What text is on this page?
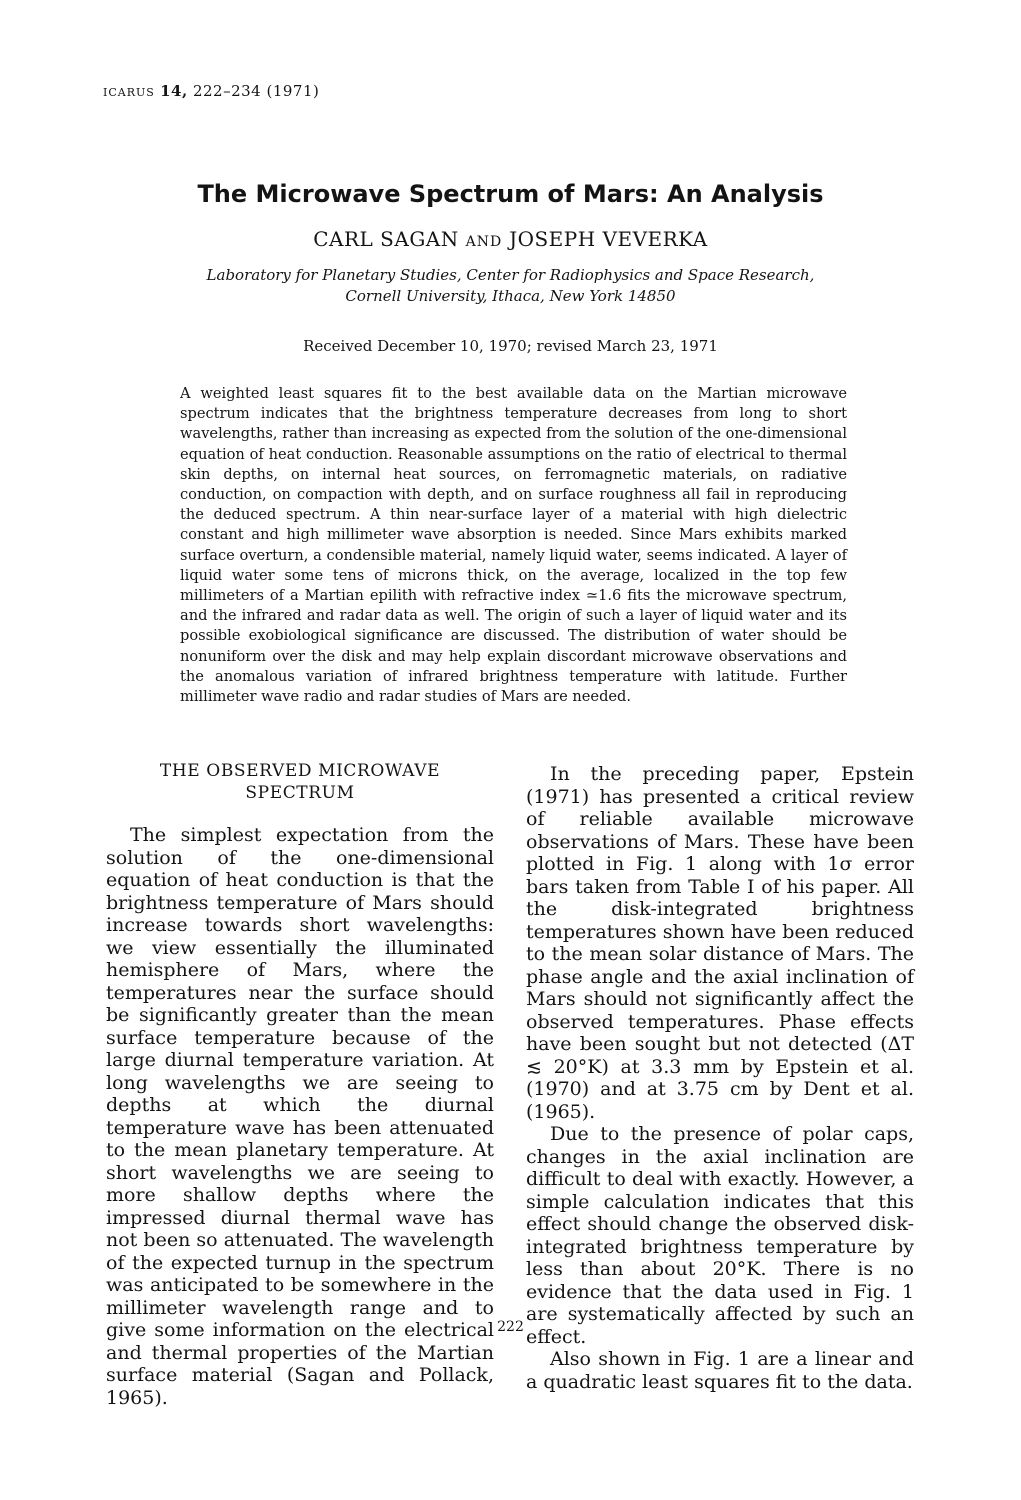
ICARUS 14, 222–234 (1971)
The Microwave Spectrum of Mars: An Analysis
CARL SAGAN AND JOSEPH VEVERKA
Laboratory for Planetary Studies, Center for Radiophysics and Space Research,
Cornell University, Ithaca, New York 14850
Received December 10, 1970; revised March 23, 1971
A weighted least squares fit to the best available data on the Martian microwave spectrum indicates that the brightness temperature decreases from long to short wavelengths, rather than increasing as expected from the solution of the one-dimensional equation of heat conduction. Reasonable assumptions on the ratio of electrical to thermal skin depths, on internal heat sources, on ferromagnetic materials, on radiative conduction, on compaction with depth, and on surface roughness all fail in reproducing the deduced spectrum. A thin near-surface layer of a material with high dielectric constant and high millimeter wave absorption is needed. Since Mars exhibits marked surface overturn, a condensible material, namely liquid water, seems indicated. A layer of liquid water some tens of microns thick, on the average, localized in the top few millimeters of a Martian epilith with refractive index ≃1.6 fits the microwave spectrum, and the infrared and radar data as well. The origin of such a layer of liquid water and its possible exobiological significance are discussed. The distribution of water should be nonuniform over the disk and may help explain discordant microwave observations and the anomalous variation of infrared brightness temperature with latitude. Further millimeter wave radio and radar studies of Mars are needed.
THE OBSERVED MICROWAVE SPECTRUM

The simplest expectation from the solution of the one-dimensional equation of heat conduction is that the brightness temperature of Mars should increase towards short wavelengths: we view essentially the illuminated hemisphere of Mars, where the temperatures near the surface should be significantly greater than the mean surface temperature because of the large diurnal temperature variation. At long wavelengths we are seeing to depths at which the diurnal temperature wave has been attenuated to the mean planetary temperature. At short wavelengths we are seeing to more shallow depths where the impressed diurnal thermal wave has not been so attenuated. The wavelength of the expected turnup in the spectrum was anticipated to be somewhere in the millimeter wavelength range and to give some information on the electrical and thermal properties of the Martian surface material (Sagan and Pollack, 1965).

In the preceding paper, Epstein (1971) has presented a critical review of reliable available microwave observations of Mars. These have been plotted in Fig. 1 along with 1σ error bars taken from Table I of his paper. All the disk-integrated brightness temperatures shown have been reduced to the mean solar distance of Mars. The phase angle and the axial inclination of Mars should not significantly affect the observed temperatures. Phase effects have been sought but not detected (ΔT ≲ 20°K) at 3.3 mm by Epstein et al. (1970) and at 3.75 cm by Dent et al. (1965).

Due to the presence of polar caps, changes in the axial inclination are difficult to deal with exactly. However, a simple calculation indicates that this effect should change the observed disk-integrated brightness temperature by less than about 20°K. There is no evidence that the data used in Fig. 1 are systematically affected by such an effect.

Also shown in Fig. 1 are a linear and a quadratic least squares fit to the data.

222
